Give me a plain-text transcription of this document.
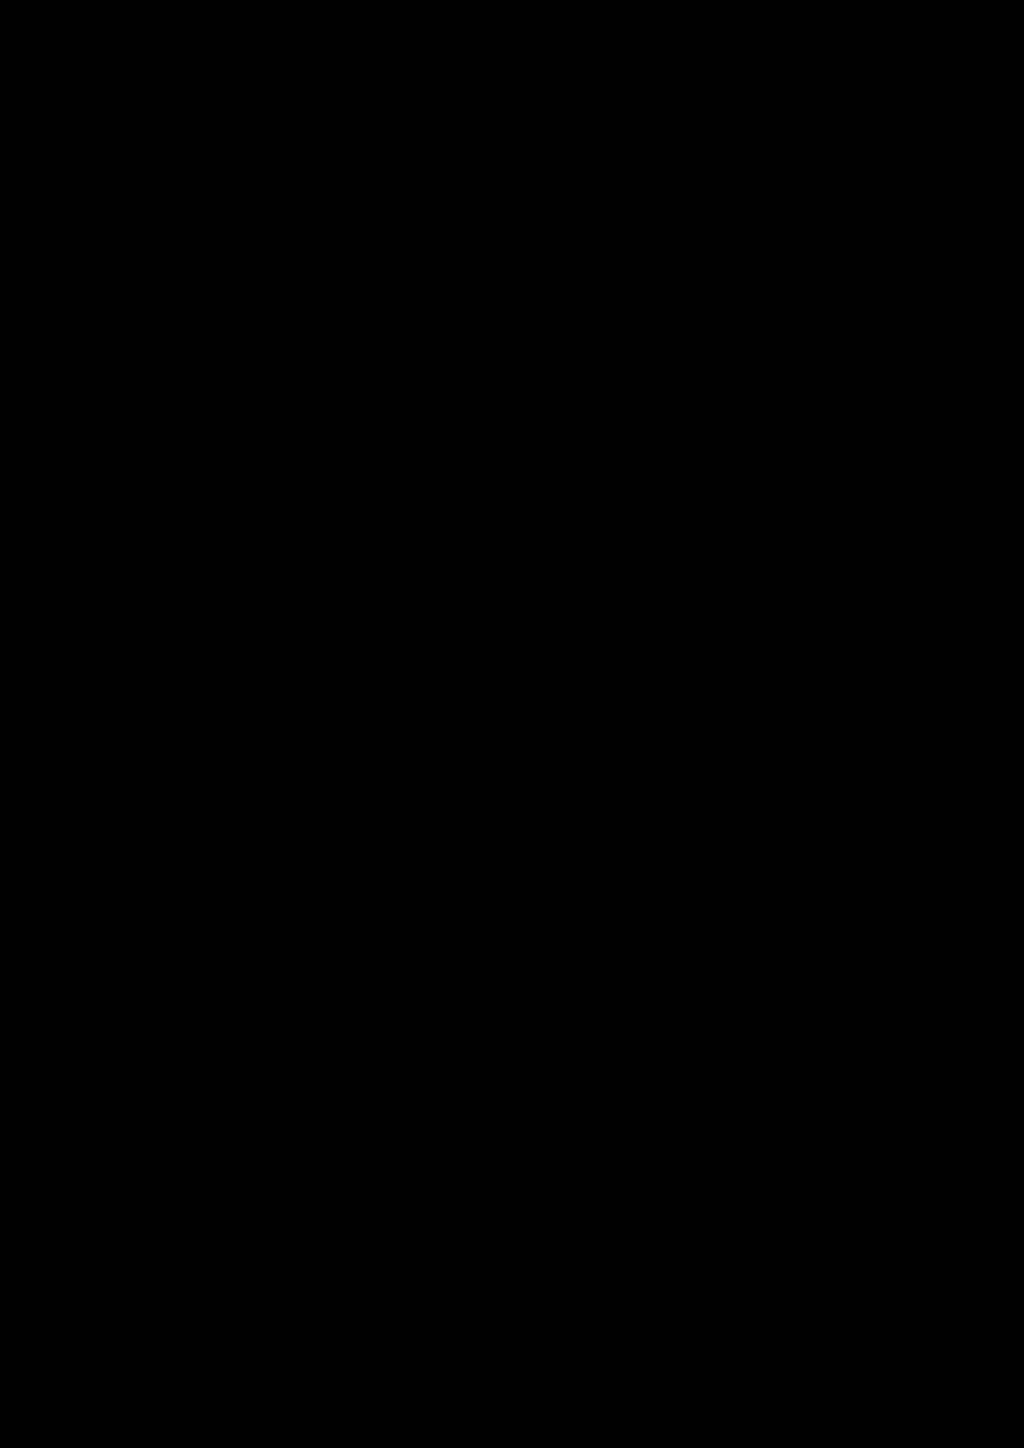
τα μέτρα που μπορούν να προάγουν την ανάπτυξη υποδομών εναλλακτικών καυσίμων στις υπηρεσίες δημόσιων μεταφορών,
ο καθορισμός των αστικών / προαστιακών, άλλων πυκνοκατοικημένων περιοχών καθώς και δικτύων, που, αναλόγως των αναγκών της αγοράς, εξοπλίζονται με δημοσίως προσβάσιμα σημεία επαναφόρτισης σύμφωνα προς την παρ. 1, του άρθρου 4, του νόμου.
ο καθορισμός των αστικών / προαστιακών, άλλων πυκνοκατοικημένων περιοχών καθώς και δικτύων, που, αναλόγως των αναγκών της αγοράς, εξοπλίζονται με σημεία ανεφοδιασμού με συμπιεσμένο φυσικό αέριο (CNG) σύμφωνα με την παρ. 4.γ) του άρθρο 6 του νόμου,
την αξιολόγηση της ανάγκης εγκατάστασης σημείων ανεφοδιασμού με υγροποιημένο φυσικό αέριο (LNG) σε λιμένες εκτός του κεντρικού δικτύου του Διευρωπαϊκού Δικτύου Μεταφορών (ΔΕΔ-Μ),
η διερεύνηση / εξέταση της ανάγκης εγκατάστασης σε αερολιμένες σημεία ανεφοδιασμού ηλεκτρικού ρεύματος, προς χρήση από σταθμευμένα αεροσκάφη.

Η ανάπτυξη υποδομών εναλλακτικών καυσίμων και η προώθηση των εναλλακτικών καυσίμων στην αγορά, εξαρτάται από πολλές παραμέτρους, όπως: η διαθέσιμη εγχώρια τεχνολογία κυρίως οχημάτων τα οποία καταναλώνουν εναλλακτικά καύσιμα, η διαθεσιμότητα εγχώριων μορφών εναλλακτικών καυσίμων, η επάρκεια δικτύου διανομής και υποδομών διάθεσης τους, το κόστος παραγωγής τους καθώς και το περιβαλλοντικό αποτύπωμα της χρήσης τους στις μεταφορές.
